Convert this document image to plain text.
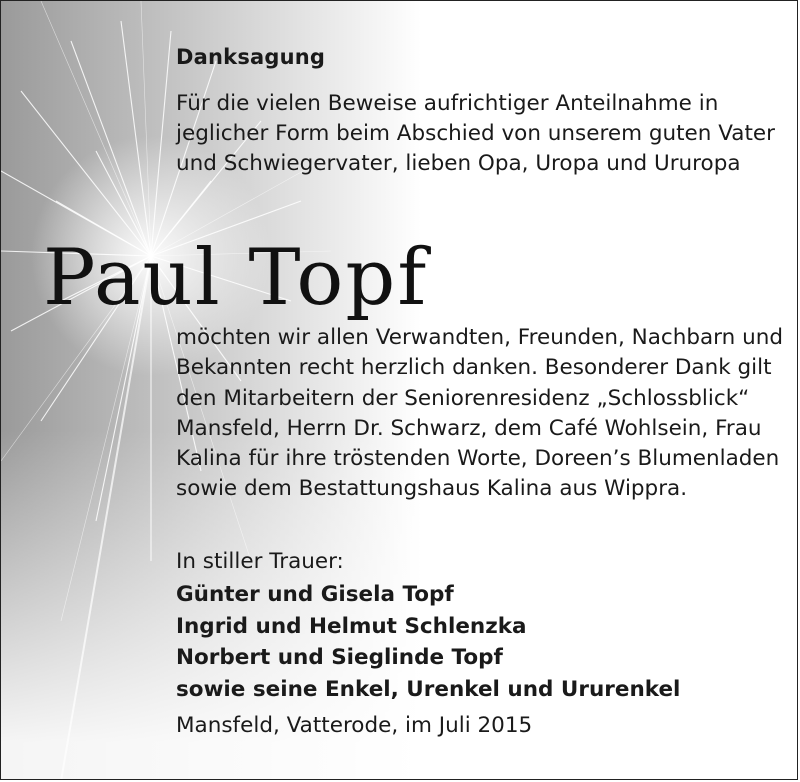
Danksagung
Für die vielen Beweise aufrichtiger Anteilnahme in jeglicher Form beim Abschied von unserem guten Vater und Schwiegervater, lieben Opa, Uropa und Ururopa
Paul Topf
möchten wir allen Verwandten, Freunden, Nachbarn und Bekannten recht herzlich danken. Besonderer Dank gilt den Mitarbeitern der Seniorenresidenz „Schlossblick“ Mansfeld, Herrn Dr. Schwarz, dem Café Wohlsein, Frau Kalina für ihre tröstenden Worte, Doreen’s Blumenladen sowie dem Bestattungshaus Kalina aus Wippra.
In stiller Trauer:
Günter und Gisela Topf
Ingrid und Helmut Schlenzka
Norbert und Sieglinde Topf
sowie seine Enkel, Urenkel und Ururenkel
Mansfeld, Vatterode, im Juli 2015
